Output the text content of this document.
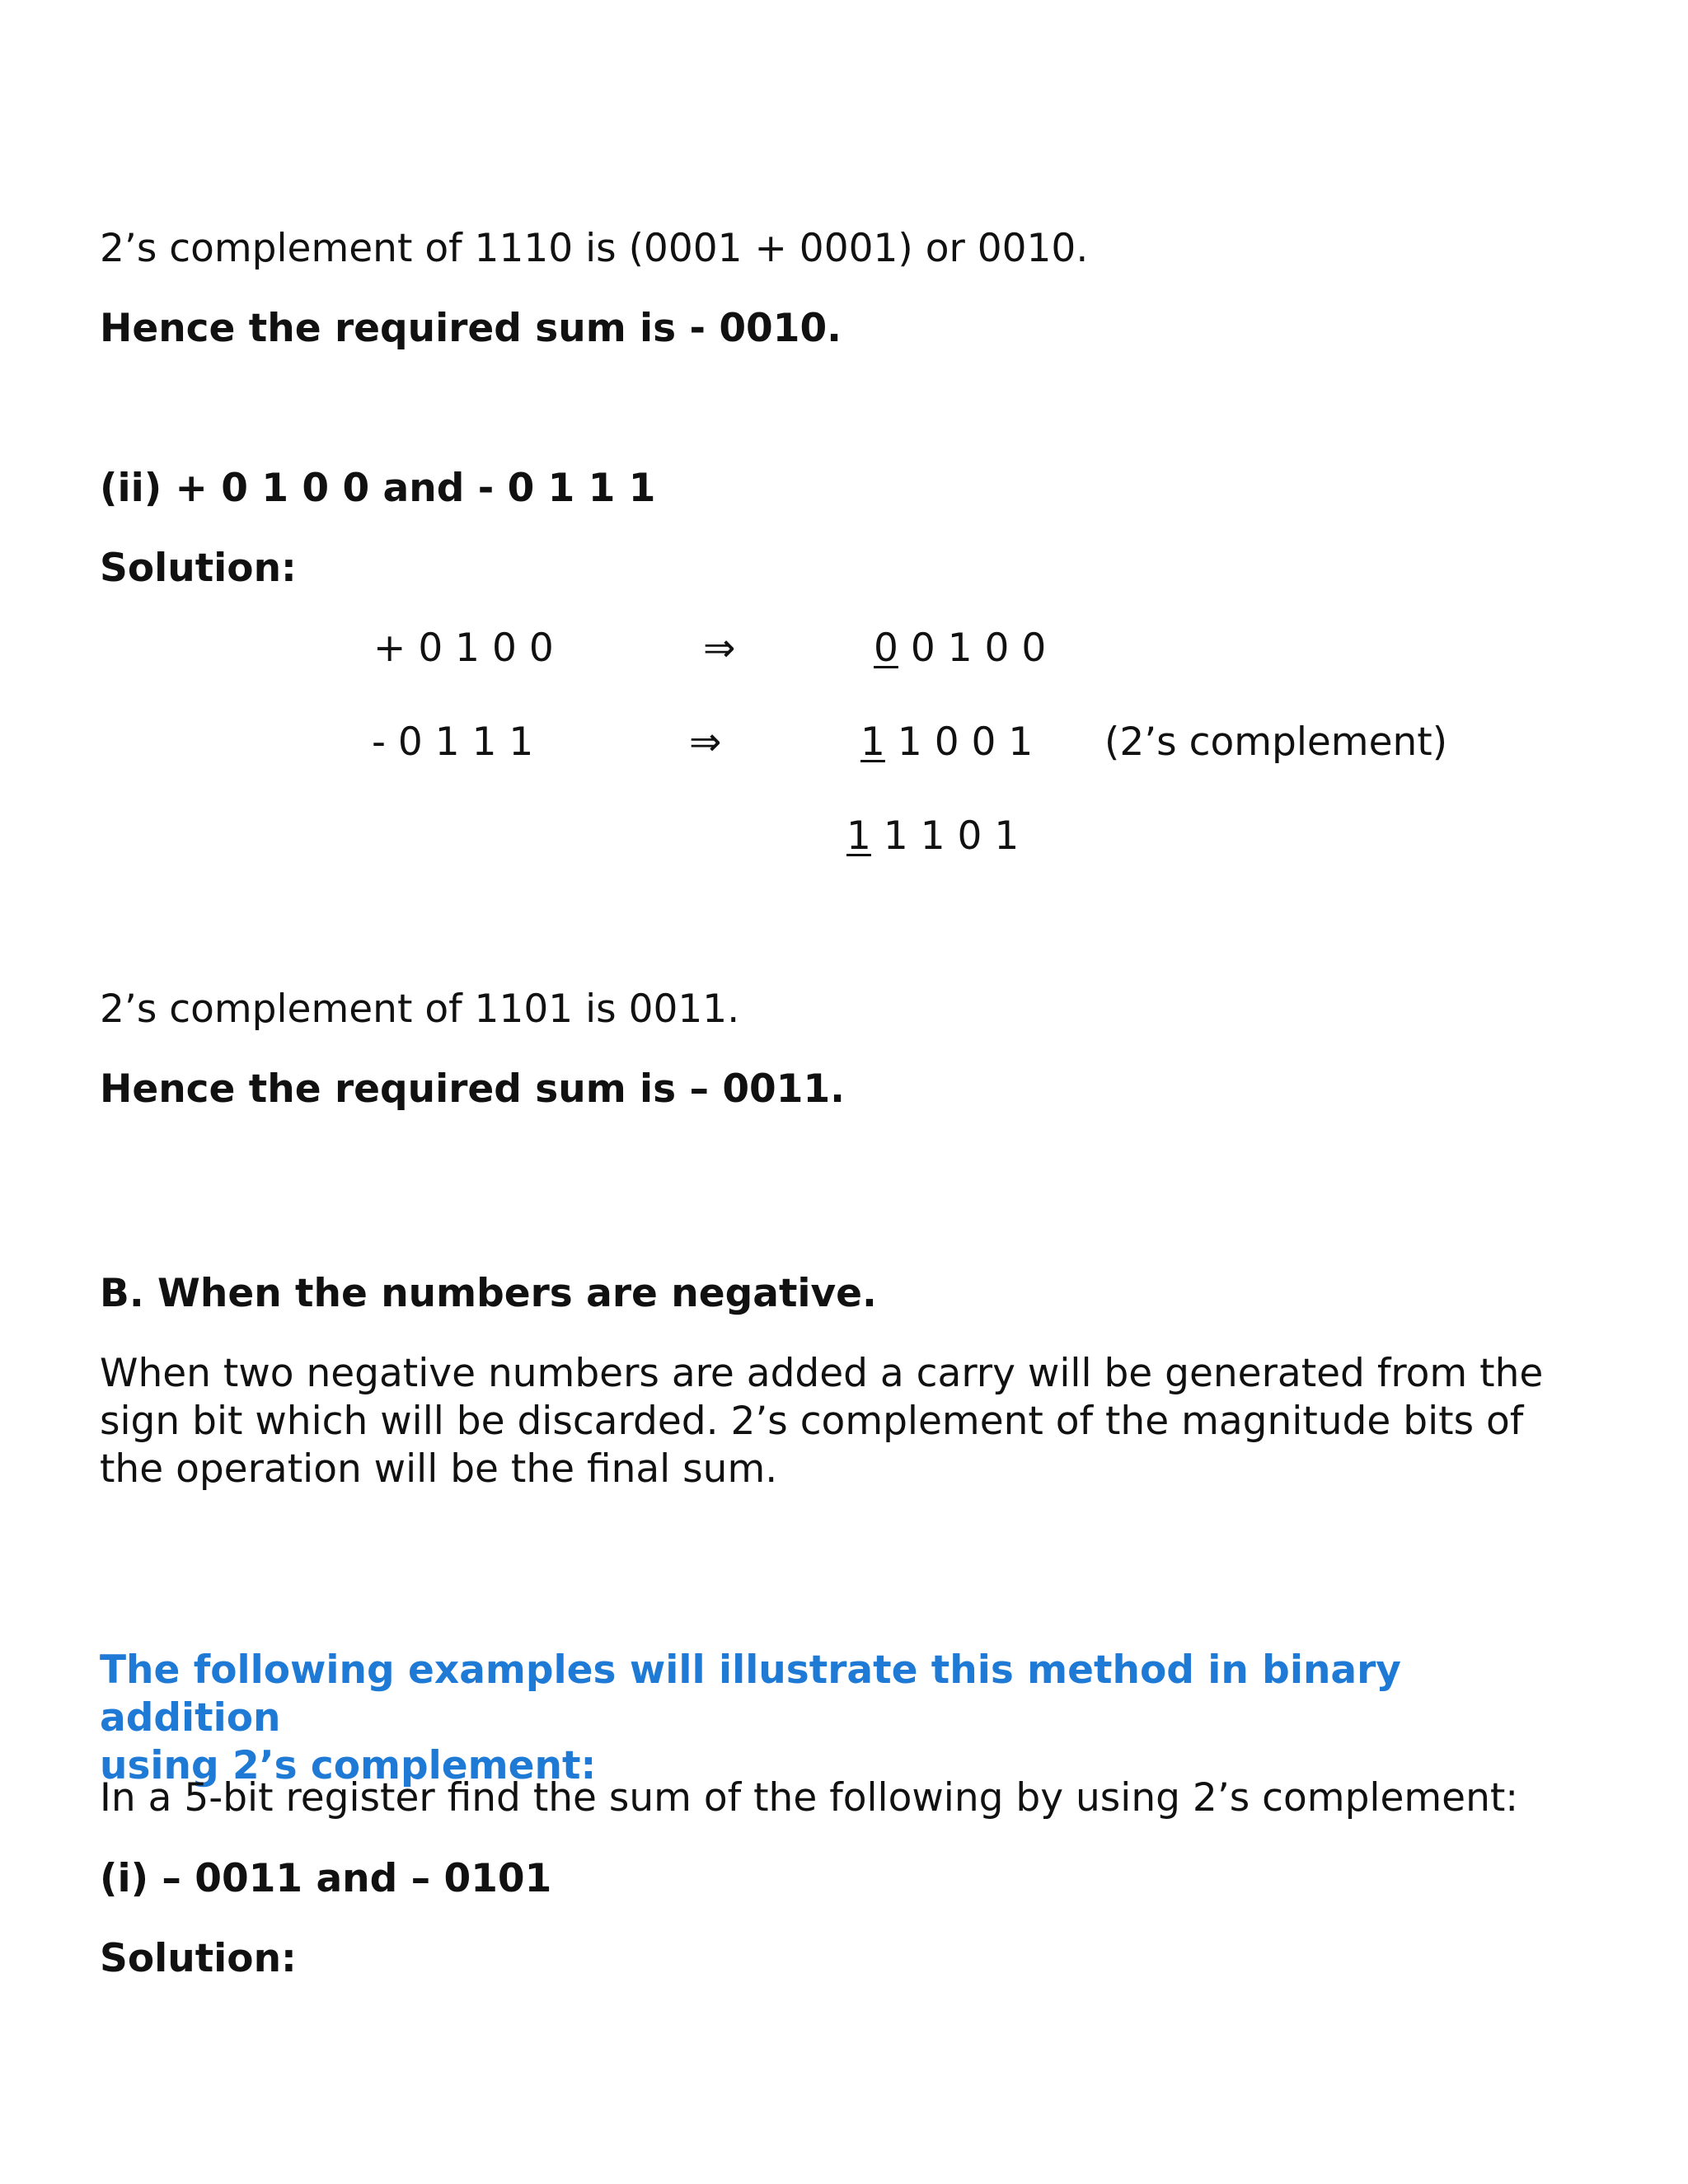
2’s complement of 1110 is (0001 + 0001) or 0010.
Hence the required sum is - 0010.
(ii) + 0 1 0 0 and - 0 1 1 1
Solution:
+ 0 1 0 0	⇒	0 0 1 0 0
- 0 1 1 1	⇒	1 1 0 0 1 (2’s complement)
1 1 1 0 1
2’s complement of 1101 is 0011.
Hence the required sum is – 0011.
B. When the numbers are negative.
When two negative numbers are added a carry will be generated from the
sign bit which will be discarded. 2’s complement of the magnitude bits of
the operation will be the final sum.
The following examples will illustrate this method in binary addition
using 2’s complement:
In a 5-bit register find the sum of the following by using 2’s complement:
(i) – 0011 and – 0101
Solution:
